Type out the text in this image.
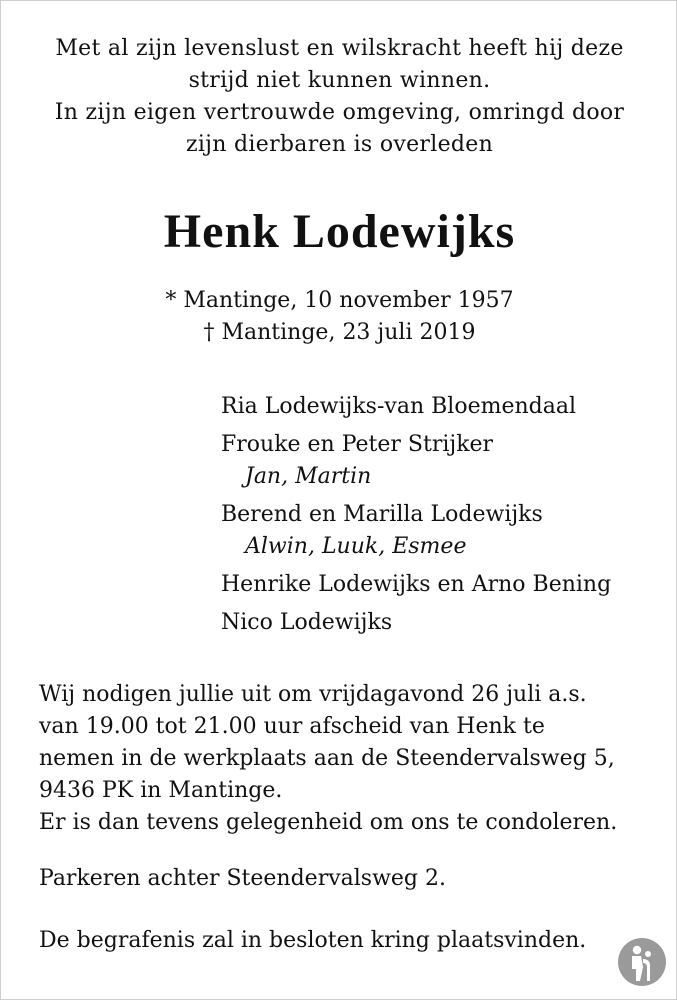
Met al zijn levenslust en wilskracht heeft hij deze
strijd niet kunnen winnen.
In zijn eigen vertrouwde omgeving, omringd door
zijn dierbaren is overleden
Henk Lodewijks
* Mantinge, 10 november 1957
† Mantinge, 23 juli 2019
Ria Lodewijks-van Bloemendaal
Frouke en Peter Strijker
Jan, Martin
Berend en Marilla Lodewijks
Alwin, Luuk, Esmee
Henrike Lodewijks en Arno Bening
Nico Lodewijks
Wij nodigen jullie uit om vrijdagavond 26 juli a.s.
van 19.00 tot 21.00 uur afscheid van Henk te
nemen in de werkplaats aan de Steendervalsweg 5,
9436 PK in Mantinge.
Er is dan tevens gelegenheid om ons te condoleren.
Parkeren achter Steendervalsweg 2.
De begrafenis zal in besloten kring plaatsvinden.
